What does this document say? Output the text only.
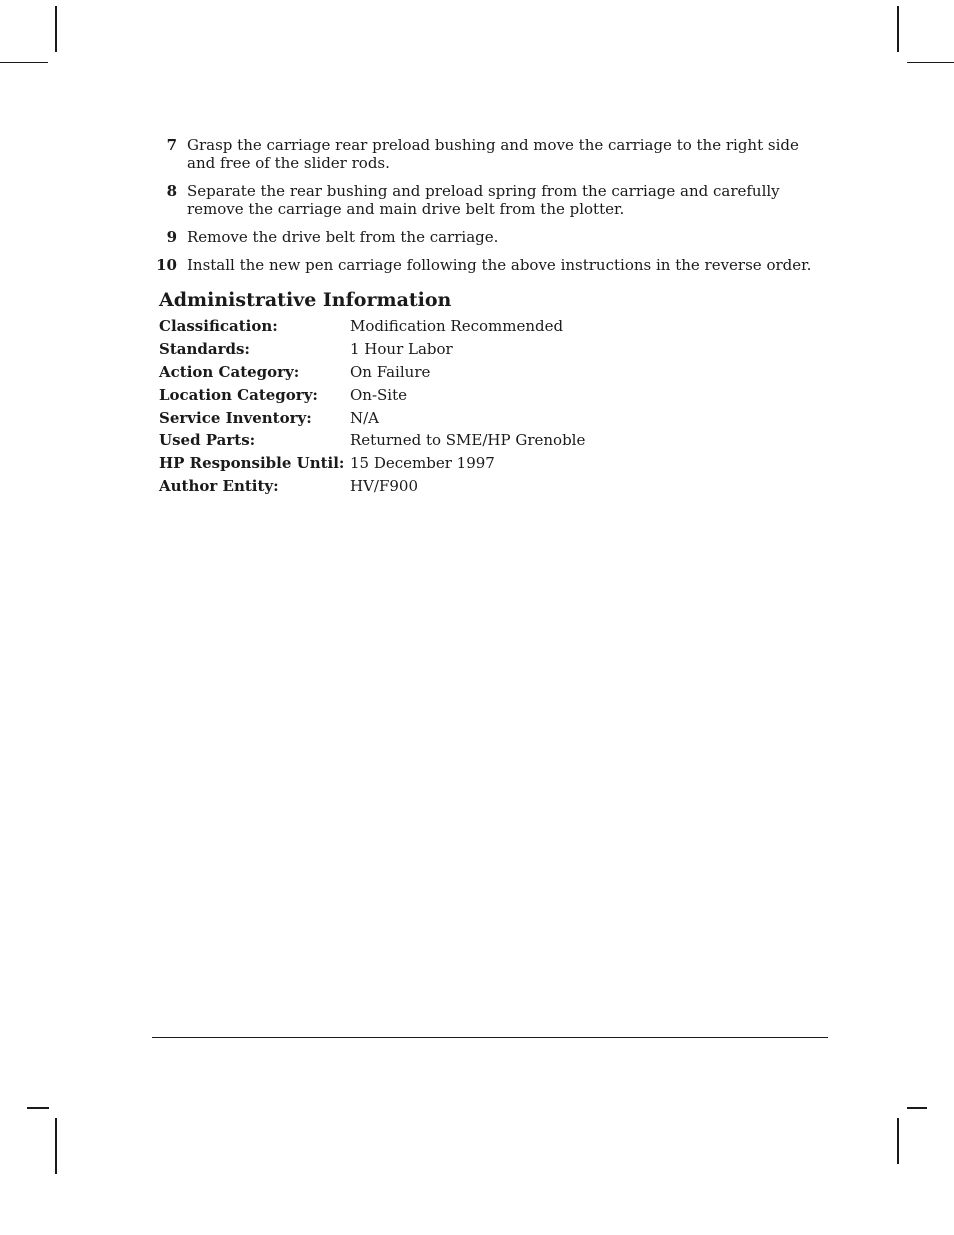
7 Grasp the carriage rear preload bushing and move the carriage to the right side and free of the slider rods.
8 Separate the rear bushing and preload spring from the carriage and carefully remove the carriage and main drive belt from the plotter.
9 Remove the drive belt from the carriage.
10 Install the new pen carriage following the above instructions in the reverse order.
Administrative Information
Classification:	Modification Recommended
Standards:	1 Hour Labor
Action Category:	On Failure
Location Category:	On-Site
Service Inventory:	N/A
Used Parts:	Returned to SME/HP Grenoble
HP Responsible Until: 15 December 1997
Author Entity:	HV/F900
